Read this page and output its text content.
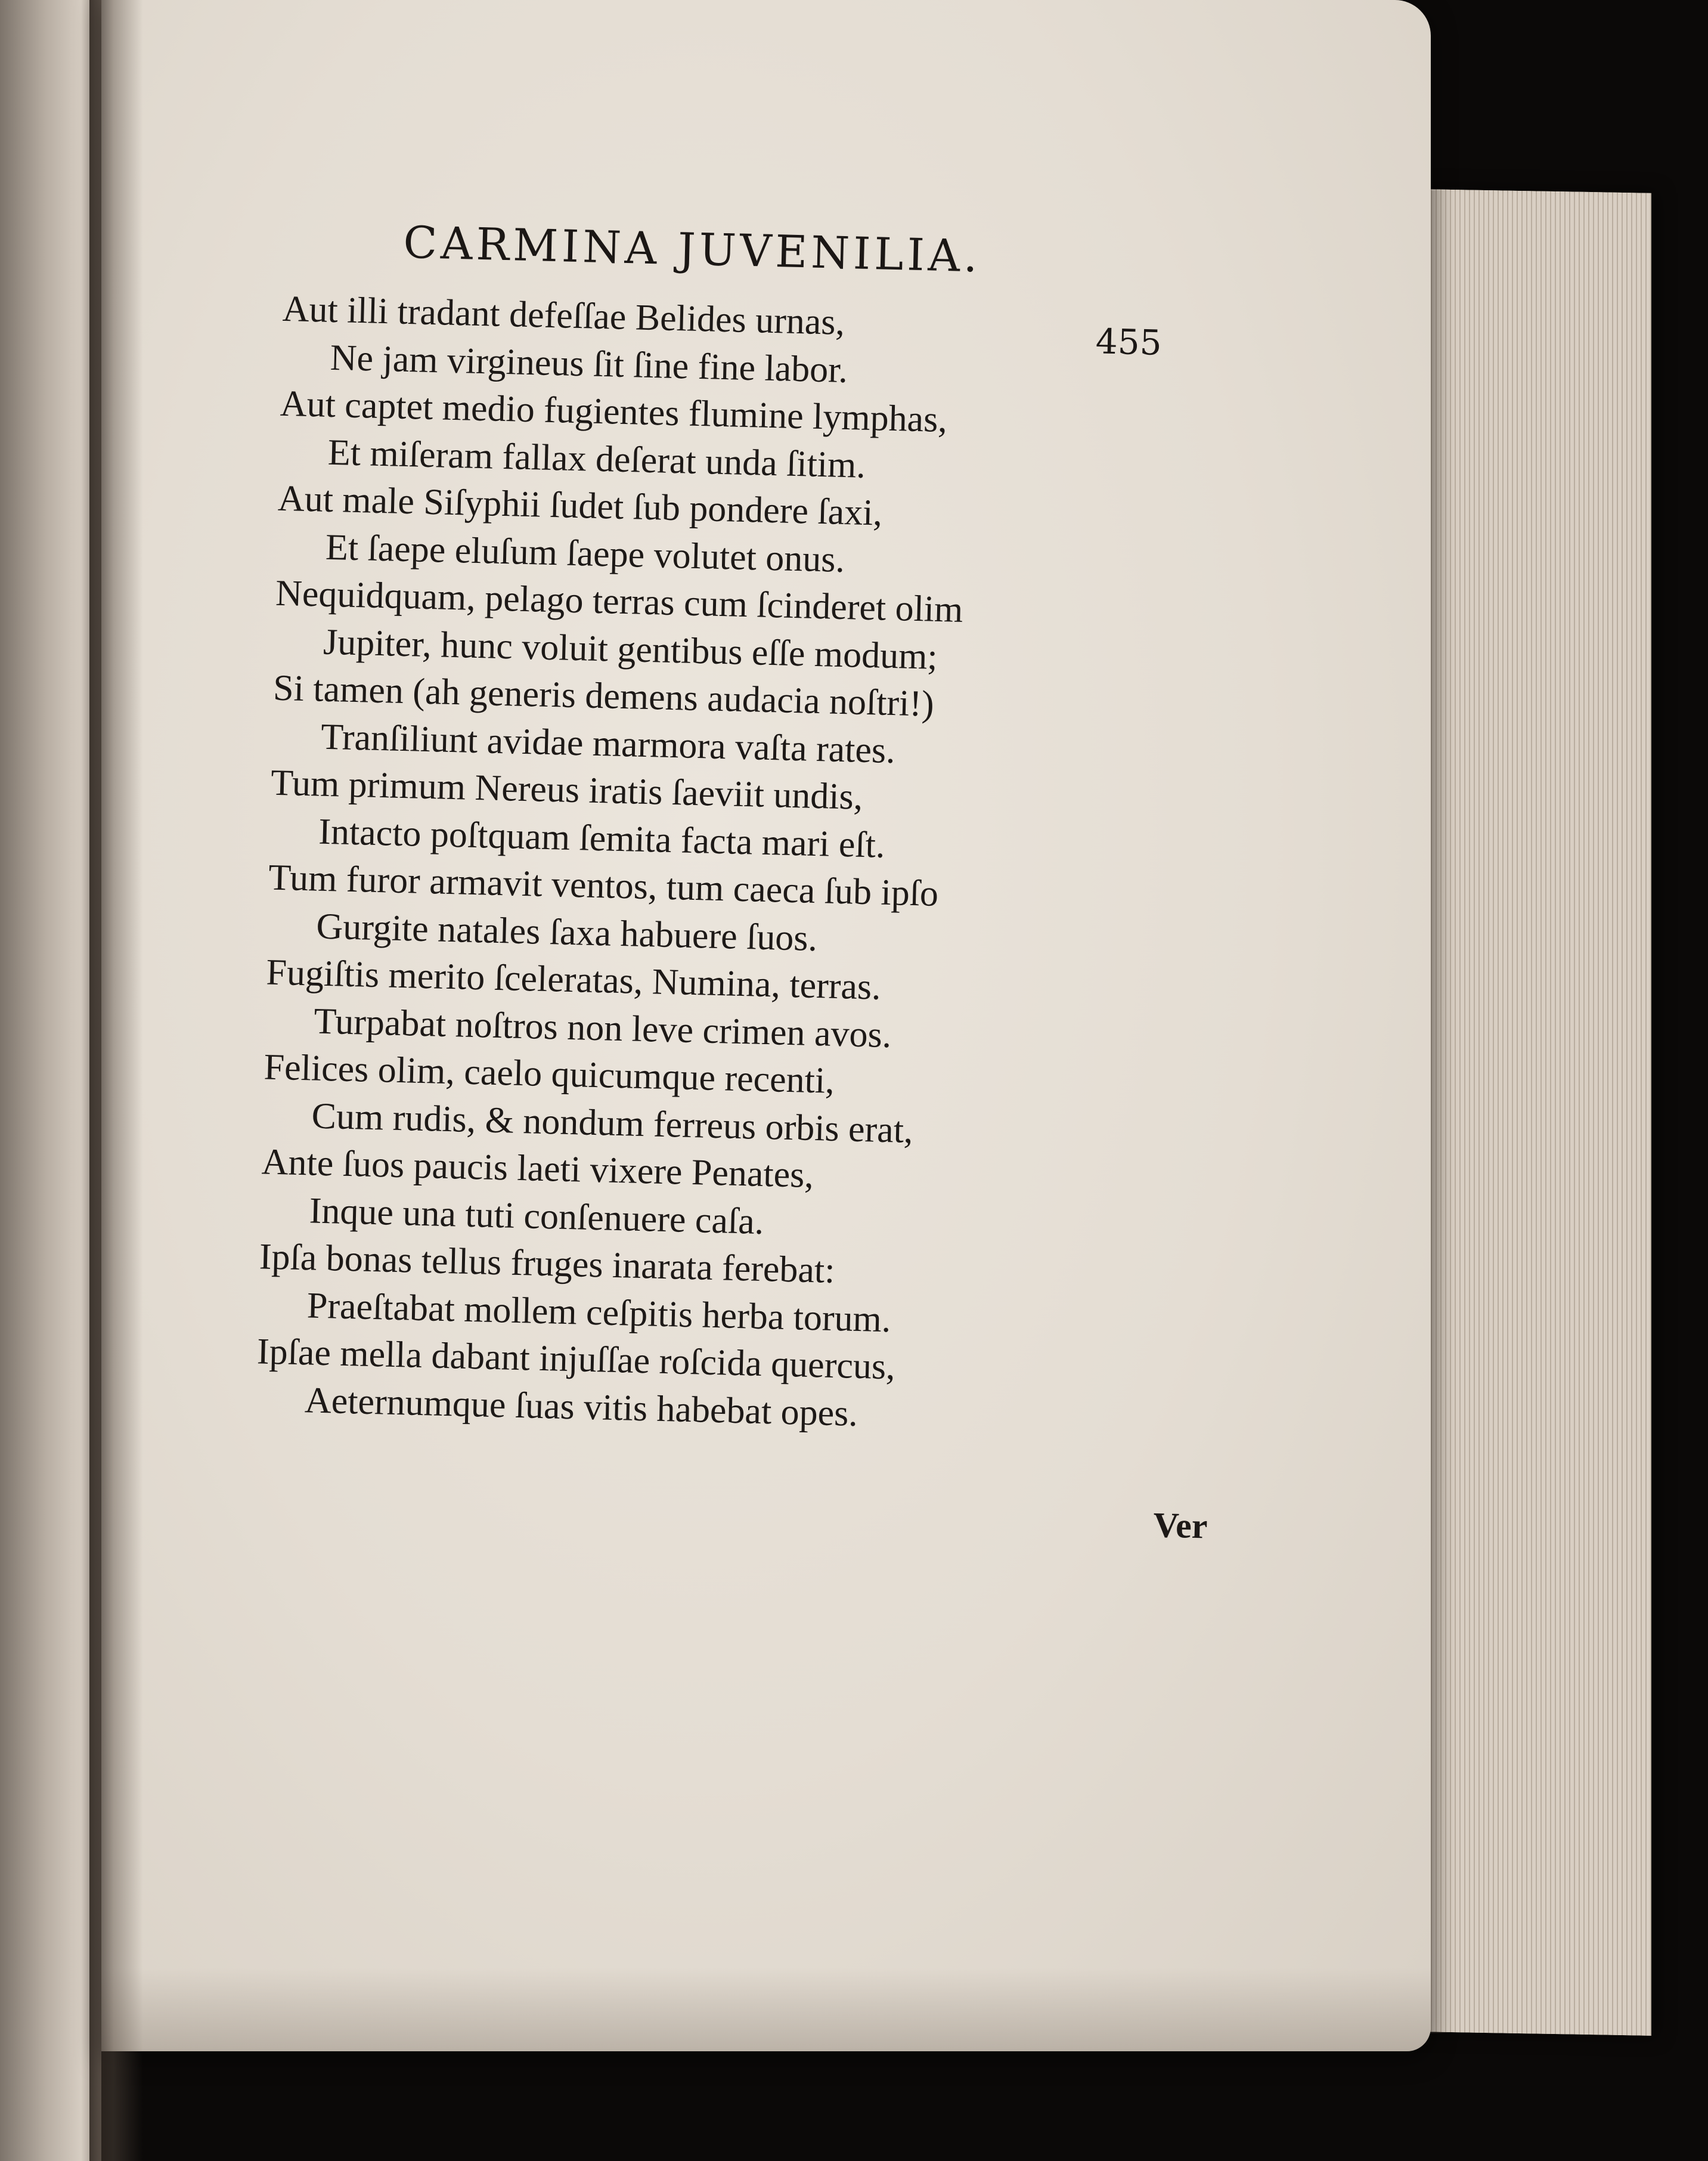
CARMINA JUVENILIA.
455
Aut illi tradant defeſſae Belides urnas,
Ne jam virgineus ſit ſine fine labor.
Aut captet medio fugientes flumine lymphas,
Et miſeram fallax deſerat unda ſitim.
Aut male Siſyphii ſudet ſub pondere ſaxi,
Et ſaepe eluſum ſaepe volutet onus.
Nequidquam, pelago terras cum ſcinderet olim
Jupiter, hunc voluit gentibus eſſe modum;
Si tamen (ah generis demens audacia noſtri!)
Tranſiliunt avidae marmora vaſta rates.
Tum primum Nereus iratis ſaeviit undis,
Intacto poſtquam ſemita facta mari eſt.
Tum furor armavit ventos, tum caeca ſub ipſo
Gurgite natales ſaxa habuere ſuos.
Fugiſtis merito ſceleratas, Numina, terras.
Turpabat noſtros non leve crimen avos.
Felices olim, caelo quicumque recenti,
Cum rudis, & nondum ferreus orbis erat,
Ante ſuos paucis laeti vixere Penates,
Inque una tuti conſenuere caſa.
Ipſa bonas tellus fruges inarata ferebat:
Praeſtabat mollem ceſpitis herba torum.
Ipſae mella dabant injuſſae roſcida quercus,
Aeternumque ſuas vitis habebat opes.
Ver
